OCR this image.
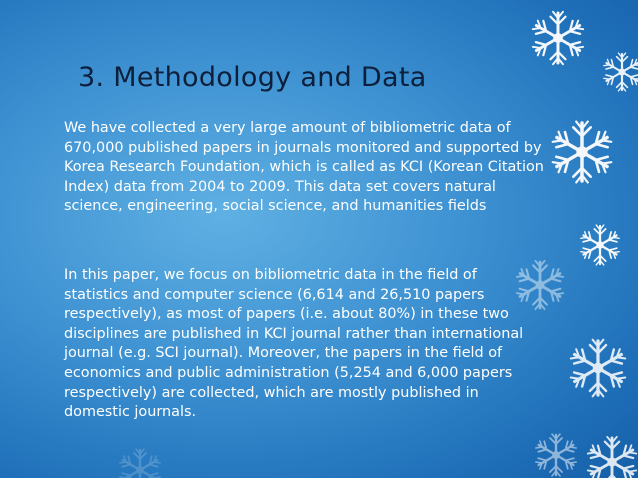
3. Methodology and Data

We have collected a very large amount of bibliometric data of 670,000 published papers in journals monitored and supported by Korea Research Foundation, which is called as KCI (Korean Citation Index) data from 2004 to 2009. This data set covers natural science, engineering, social science, and humanities fields

In this paper, we focus on bibliometric data in the field of statistics and computer science (6,614 and 26,510 papers respectively), as most of papers (i.e. about 80%) in these two disciplines are published in KCI journal rather than international journal (e.g. SCI journal). Moreover, the papers in the field of economics and public administration (5,254 and 6,000 papers respectively) are collected, which are mostly published in domestic journals.
